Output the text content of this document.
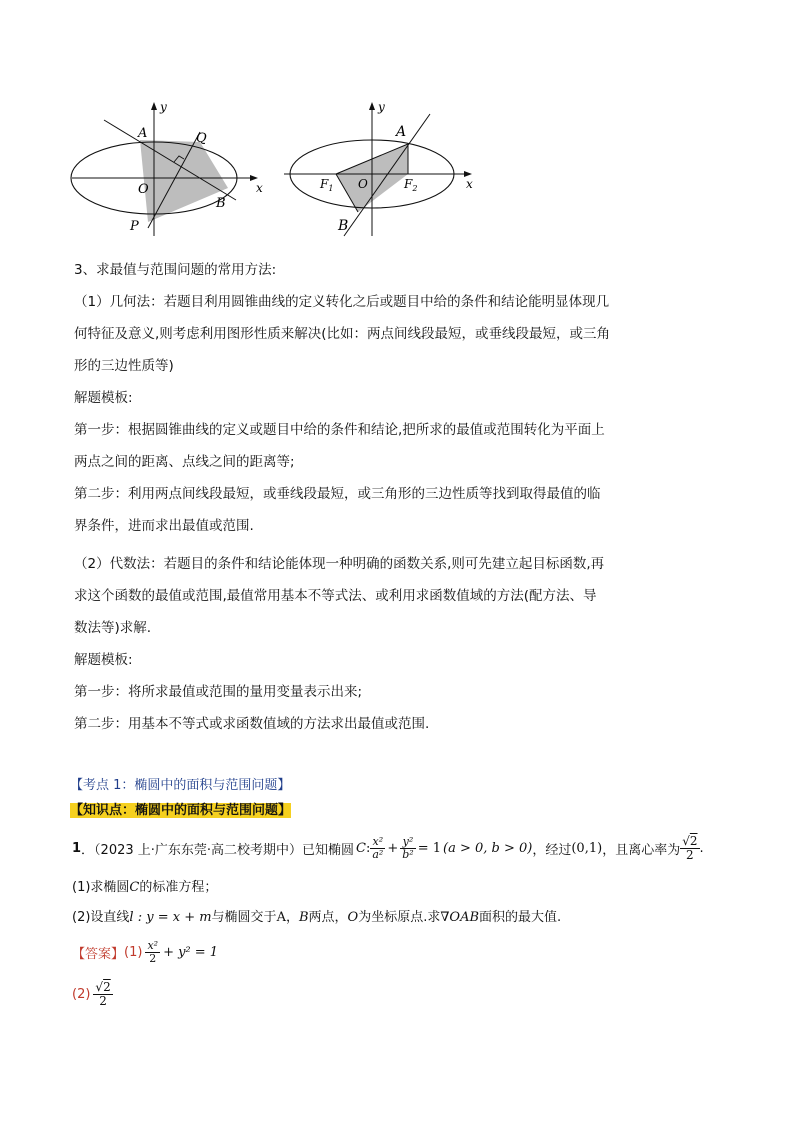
y
x
A	Q
O
B
P
y
x
A
O
$F_1$	$F_2$
B
3、求最值与范围问题的常用方法:
（1）几何法：若题目利用圆锥曲线的定义转化之后或题目中给的条件和结论能明显体现几
何特征及意义,则考虑利用图形性质来解决(比如：两点间线段最短，或垂线段最短，或三角
形的三边性质等)
解题模板:
第一步：根据圆锥曲线的定义或题目中给的条件和结论,把所求的最值或范围转化为平面上
两点之间的距离、点线之间的距离等;
第二步：利用两点间线段最短，或垂线段最短，或三角形的三边性质等找到取得最值的临
界条件，进而求出最值或范围.
（2）代数法：若题目的条件和结论能体现一种明确的函数关系,则可先建立起目标函数,再
求这个函数的最值或范围,最值常用基本不等式法、或利用求函数值域的方法(配方法、导
数法等)求解.
解题模板:
第一步：将所求最值或范围的量用变量表示出来;
第二步：用基本不等式或求函数值域的方法求出最值或范围.
【考点 1：椭圆中的面积与范围问题】
【知识点：椭圆中的面积与范围问题】
1 ．（2023 上·广东东莞·高二校考期中）已知椭圆 C : $\frac{\text{x²}}{\text{a²}} + \frac{\text{y²}}{\text{b²}} = 1$ (a > 0, b > 0) ，经过 (0,1) ，且离心率为 $\frac{√2}{2}$ .
(1)求椭圆C的标准方程；
(2)设直线l : y = x + m与椭圆交于A，B两点，O为坐标原点.求∇OAB面积的最大值.
【答案】 $(1) \frac{\text{x²}}{2} + y^2 = 1$
$(2) \frac{√2}{2}$
